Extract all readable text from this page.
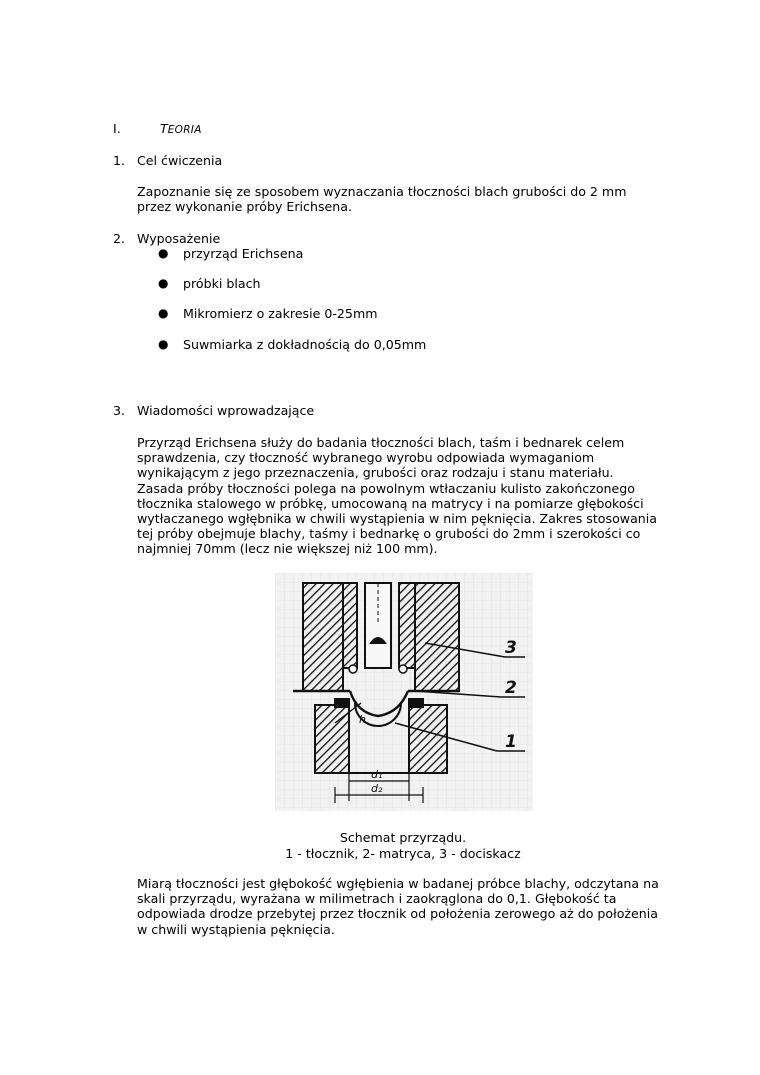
I.	TEORIA
1. Cel ćwiczenia
Zapoznanie się ze sposobem wyznaczania tłoczności blach grubości do 2 mm
przez wykonanie próby Erichsena.
2. Wyposażenie
● przyrząd Erichsena
● próbki blach
● Mikromierz o zakresie 0-25mm
● Suwmiarka z dokładnością do 0,05mm
3. Wiadomości wprowadzające
Przyrząd Erichsena służy do badania tłoczności blach, taśm i bednarek celem
sprawdzenia, czy tłoczność wybranego wyrobu odpowiada wymaganiom
wynikającym z jego przeznaczenia, grubości oraz rodzaju i stanu materiału.
Zasada próby tłoczności polega na powolnym wtłaczaniu kulisto zakończonego
tłocznika stalowego w próbkę, umocowaną na matrycy i na pomiarze głębokości
wytłaczanego wgłębnika w chwili wystąpienia w nim pęknięcia. Zakres stosowania
tej próby obejmuje blachy, taśmy i bednarkę o grubości do 2mm i szerokości co
najmniej 70mm (lecz nie większej niż 100 mm).
3
2
1
d₁
d₂
h
Schemat przyrządu.
1 - tłocznik, 2- matryca, 3 - dociskacz
Miarą tłoczności jest głębokość wgłębienia w badanej próbce blachy, odczytana na
skali przyrządu, wyrażana w milimetrach i zaokrąglona do 0,1. Głębokość ta
odpowiada drodze przebytej przez tłocznik od położenia zerowego aż do położenia
w chwili wystąpienia pęknięcia.
